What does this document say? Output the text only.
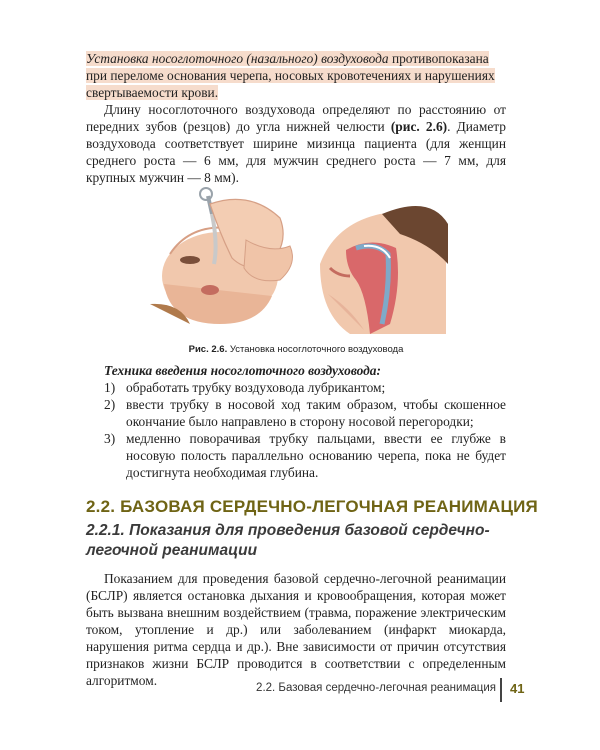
Установка носоглоточного (назального) воздуховода противопоказана при переломе основания черепа, носовых кровотечениях и нарушениях свертываемости крови.

Длину носоглоточного воздуховода определяют по расстоянию от передних зубов (резцов) до угла нижней челюсти (рис. 2.6). Диаметр воздуховода соответствует ширине мизинца пациента (для женщин среднего роста — 6 мм, для мужчин среднего роста — 7 мм, для крупных мужчин — 8 мм).

Рис. 2.6. Установка носоглоточного воздуховода

Техника введения носоглоточного воздуховода:

1) обработать трубку воздуховода лубрикантом;
2) ввести трубку в носовой ход таким образом, чтобы скошенное окончание было направлено в сторону носовой перегородки;
3) медленно поворачивая трубку пальцами, ввести ее глубже в носовую полость параллельно основанию черепа, пока не будет достигнута необходимая глубина.
2.2. БАЗОВАЯ СЕРДЕЧНО-ЛЕГОЧНАЯ РЕАНИМАЦИЯ
2.2.1. Показания для проведения базовой сердечно-легочной реанимации

Показанием для проведения базовой сердечно-легочной реанимации (БСЛР) является остановка дыхания и кровообращения, которая может быть вызвана внешним воздействием (травма, поражение электрическим током, утопление и др.) или заболеванием (инфаркт миокарда, нарушения ритма сердца и др.). Вне зависимости от причин отсутствия признаков жизни БСЛР проводится в соответствии с определенным алгоритмом.	2.2. Базовая сердечно-легочная реанимация 41
